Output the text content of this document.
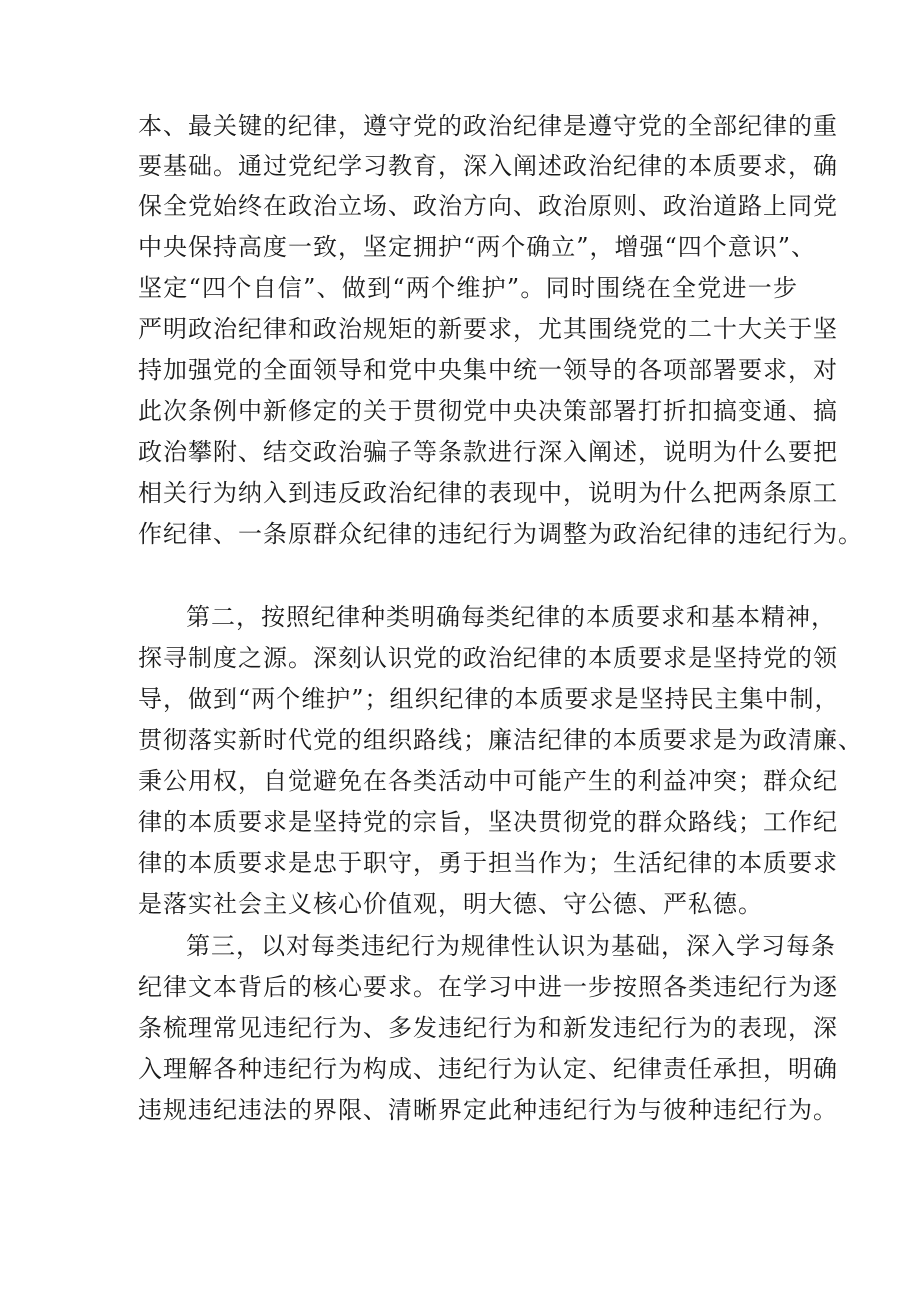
本、最关键的纪律，遵守党的政治纪律是遵守党的全部纪律的重
要基础。通过党纪学习教育，深入阐述政治纪律的本质要求，确
保全党始终在政治立场、政治方向、政治原则、政治道路上同党
中央保持高度一致，坚定拥护“两个确立”，增强“四个意识”、
坚定“四个自信”、做到“两个维护”。同时围绕在全党进一步
严明政治纪律和政治规矩的新要求，尤其围绕党的二十大关于坚
持加强党的全面领导和党中央集中统一领导的各项部署要求，对
此次条例中新修定的关于贯彻党中央决策部署打折扣搞变通、搞
政治攀附、结交政治骗子等条款进行深入阐述，说明为什么要把
相关行为纳入到违反政治纪律的表现中，说明为什么把两条原工
作纪律、一条原群众纪律的违纪行为调整为政治纪律的违纪行为。
第二，按照纪律种类明确每类纪律的本质要求和基本精神，
探寻制度之源。深刻认识党的政治纪律的本质要求是坚持党的领
导，做到“两个维护”；组织纪律的本质要求是坚持民主集中制，
贯彻落实新时代党的组织路线；廉洁纪律的本质要求是为政清廉、
秉公用权，自觉避免在各类活动中可能产生的利益冲突；群众纪
律的本质要求是坚持党的宗旨，坚决贯彻党的群众路线；工作纪
律的本质要求是忠于职守，勇于担当作为；生活纪律的本质要求
是落实社会主义核心价值观，明大德、守公德、严私德。
第三，以对每类违纪行为规律性认识为基础，深入学习每条
纪律文本背后的核心要求。在学习中进一步按照各类违纪行为逐
条梳理常见违纪行为、多发违纪行为和新发违纪行为的表现，深
入理解各种违纪行为构成、违纪行为认定、纪律责任承担，明确
违规违纪违法的界限、清晰界定此种违纪行为与彼种违纪行为。
